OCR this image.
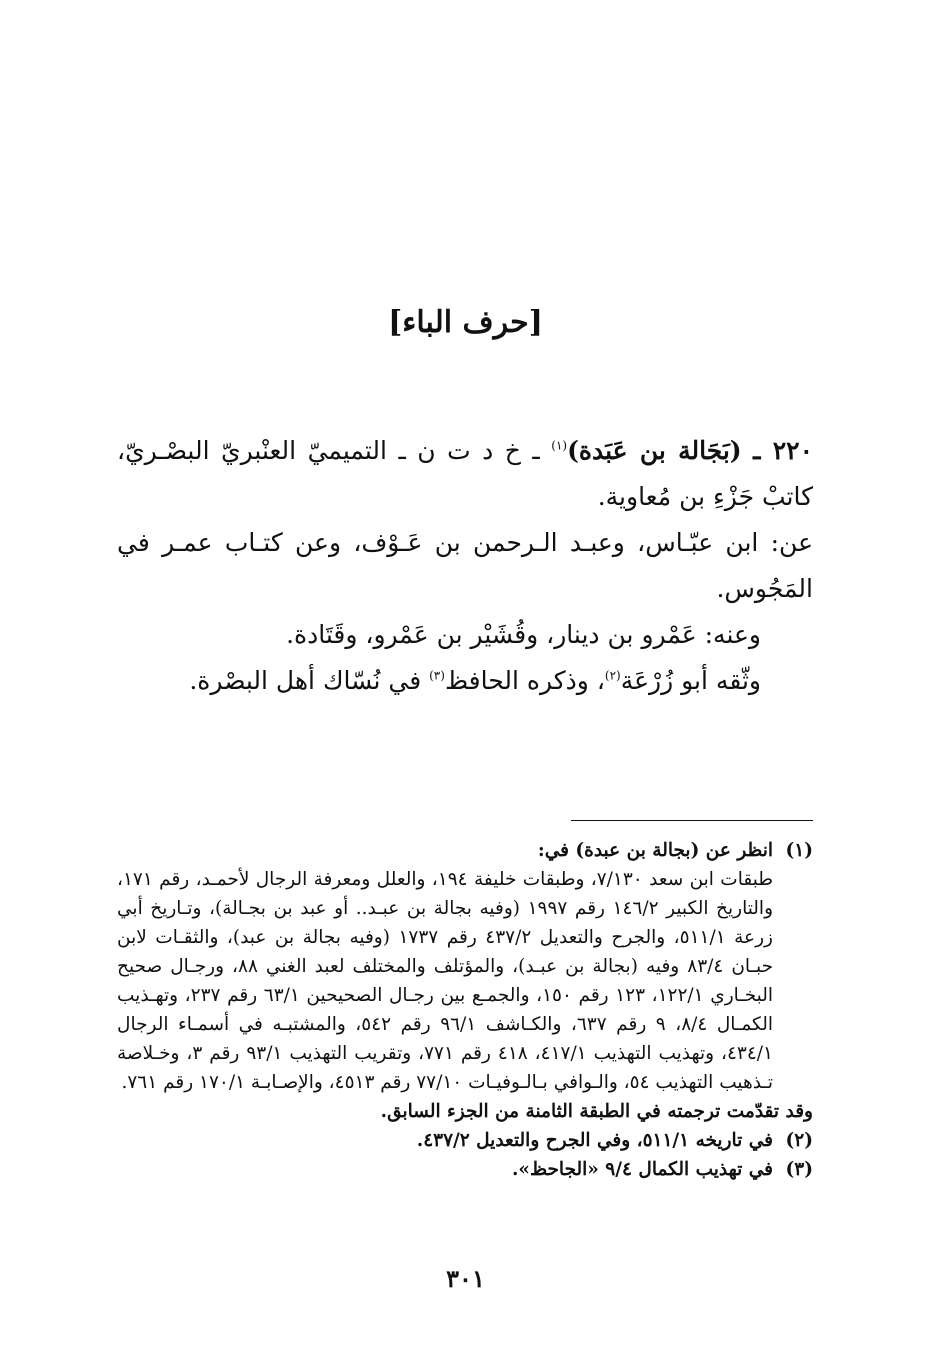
[حرف الباء]

٢٢٠ ـ (بَجَالة بن عَبَدة)$^{(١)}$ ـ خ د ت ن ـ التميميّ العنْبريّ البصْـريّ، كاتبْ جَزْءِ بن مُعاوية.

عن: ابن عبّـاس، وعبـد الـرحمن بن عَـوْف، وعن كتـاب عمـر في المَجُوس.

وعنه: عَمْرو بن دينار، وقُشَيْر بن عَمْرو، وقَتَادة.

وثّقه أبو زُرْعَة$^{(٢)}$، وذكره الحافظ$^{(٣)}$ في نُسّاك أهل البصْرة.

(١)
انظر عن (بجالة بن عبدة) في:

طبقات ابن سعد ٧/١٣٠، وطبقات خليفة ١٩٤، والعلل ومعرفة الرجال لأحمـد، رقم ١٧١، والتاريخ الكبير ١٤٦/٢ رقم ١٩٩٧ (وفيه بجالة بن عبـد.. أو عبد بن بجـالة)، وتـاريخ أبي زرعة ٥١١/١، والجرح والتعديل ٤٣٧/٢ رقم ١٧٣٧ (وفيه بجالة بن عبد)، والثقـات لابن حبـان ٨٣/٤ وفيه (بجالة بن عبـد)، والمؤتلف والمختلف لعبد الغني ٨٨، ورجـال صحيح البخـاري ١٢٢/١، ١٢٣ رقم ١٥٠، والجمـع بين رجـال الصحيحين ٦٣/١ رقم ٢٣٧، وتهـذيب الكمـال ٨/٤، ٩ رقم ٦٣٧، والكـاشف ٩٦/١ رقم ٥٤٢، والمشتبـه في أسمـاء الرجال ٤٣٤/١، وتهذيب التهذيب ٤١٧/١، ٤١٨ رقم ٧٧١، وتقريب التهذيب ٩٣/١ رقم ٣، وخـلاصة تـذهيب التهذيب ٥٤، والـوافي بـالـوفيـات ٧٧/١٠ رقم ٤٥١٣، والإصـابـة ١٧٠/١ رقم ٧٦١.

وقد تقدّمت ترجمته في الطبقة الثامنة من الجزء السابق.

(٢)
في تاريخه ٥١١/١، وفي الجرح والتعديل ٤٣٧/٢.
(٣)
في تهذيب الكمال ٩/٤ «الجاحظ».
٣٠١
